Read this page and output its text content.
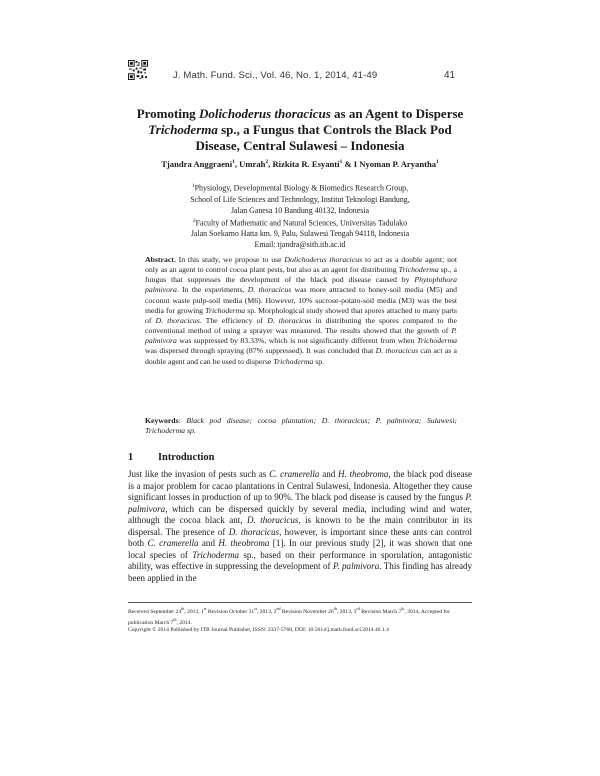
J. Math. Fund. Sci., Vol. 46, No. 1, 2014, 41-49	41
Promoting Dolichoderus thoracicus as an Agent to Disperse Trichoderma sp., a Fungus that Controls the Black Pod Disease, Central Sulawesi – Indonesia

Tjandra Anggraeni$^1$, Umrah$^2$, Rizkita R. Esyanti$^1$ & I Nyoman P. Aryantha$^1$

$^1$Physiology, Developmental Biology & Biomedics Research Group,
School of Life Sciences and Technology, Institut Teknologi Bandung,
Jalan Ganesa 10 Bandung 40132, Indonesia
$^2$Faculty of Mathematic and Natural Sciences, Universitas Tadulako
Jalan Soekarno Hatta km. 9, Palu, Sulawesi Tengah 94118, Indonesia
Email: tjandra@sith.itb.ac.id

Abstract. In this study, we propose to use Dolichoderus thoracicus to act as a double agent; not only as an agent to control cocoa plant pests, but also as an agent for distributing Trichoderma sp., a fungus that suppresses the development of the black pod disease caused by Phytophthora palmivora. In the experiments, D. thoracicus was more attracted to honey-soil media (M5) and coconut waste pulp-soil media (M6). However, 10% sucrose-potato-soil media (M3) was the best media for growing Trichoderma sp. Morphological study showed that spores attached to many parts of D. thoracicus. The efficiency of D. thoracicus in distributing the spores compared to the conventional method of using a sprayer was measured. The results showed that the growth of P. palmivora was suppressed by 83.33%, which is not significantly different from when Trichoderma was dispersed through spraying (87% suppressed). It was concluded that D. thoracicus can act as a double agent and can be used to disperse Trichoderma sp.

Keywords: Black pod disease; cocoa plantation; D. thoracicus; P. palmivora; Sulawesi; Trichoderma sp.

1 Introduction

Just like the invasion of pests such as C. cramerella and H. theobroma, the black pod disease is a major problem for cacao plantations in Central Sulawesi, Indonesia. Altogether they cause significant losses in production of up to 90%. The black pod disease is caused by the fungus P. palmivora, which can be dispersed quickly by several media, including wind and water, although the cocoa black ant, D. thoracicus, is known to be the main contributor in its dispersal. The presence of D. thoracicus, however, is important since these ants can control both C. cramerella and H. theobroma [1]. In our previous study [2], it was shown that one local species of Trichoderma sp., based on their performance in sporulation, antagonistic ability, was effective in suppressing the development of P. palmivora. This finding has already been applied in the

Received September 24th, 2013, 1st Revision October 31st, 2013, 2nd Revision November 26th, 2013, 3rd Revision March 7th, 2014, Accepted for publication March 7th, 2014.
Copyright © 2014 Published by ITB Journal Publisher, ISSN: 2337-5760, DOI: 10.5614/j.math.fund.sci.2014.46.1.4
